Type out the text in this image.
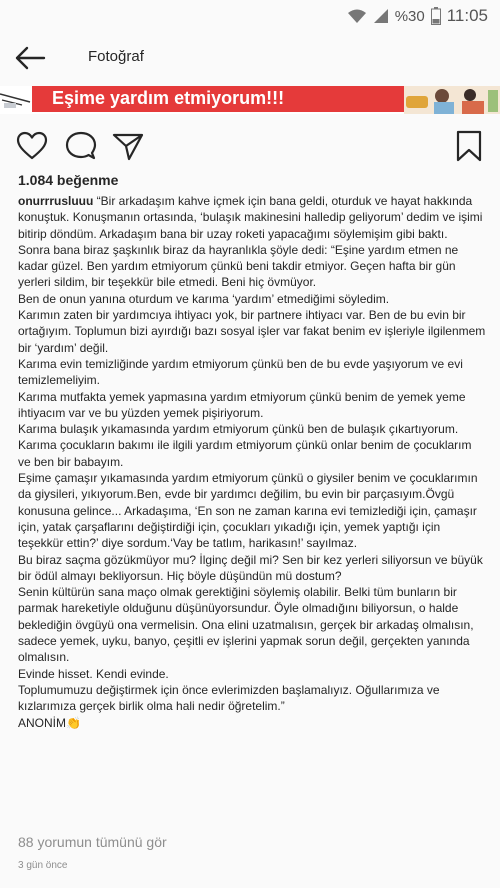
%30 11:05
Fotoğraf
Eşime yardım etmiyorum!!!
1.084 beğenme

onurrrusluuu “Bir arkadaşım kahve içmek için bana geldi, oturduk ve hayat hakkında konuştuk. Konuşmanın ortasında, ‘bulaşık makinesini halledip geliyorum’ dedim ve işimi bitirip döndüm. Arkadaşım bana bir uzay roketi yapacağımı söylemişim gibi baktı.

Sonra bana biraz şaşkınlık biraz da hayranlıkla şöyle dedi: “Eşine yardım etmen ne kadar güzel. Ben yardım etmiyorum çünkü beni takdir etmiyor. Geçen hafta bir gün yerleri sildim, bir teşekkür bile etmedi. Beni hiç övmüyor.

Ben de onun yanına oturdum ve karıma ‘yardım’ etmediğimi söyledim.

Karımın zaten bir yardımcıya ihtiyacı yok, bir partnere ihtiyacı var. Ben de bu evin bir ortağıyım. Toplumun bizi ayırdığı bazı sosyal işler var fakat benim ev işleriyle ilgilenmem bir ‘yardım’ değil.

Karıma evin temizliğinde yardım etmiyorum çünkü ben de bu evde yaşıyorum ve evi temizlemeliyim.

Karıma mutfakta yemek yapmasına yardım etmiyorum çünkü benim de yemek yeme ihtiyacım var ve bu yüzden yemek pişiriyorum.

Karıma bulaşık yıkamasında yardım etmiyorum çünkü ben de bulaşık çıkartıyorum.

Karıma çocukların bakımı ile ilgili yardım etmiyorum çünkü onlar benim de çocuklarım ve ben bir babayım.

Eşime çamaşır yıkamasında yardım etmiyorum çünkü o giysiler benim ve çocuklarımın da giysileri, yıkıyorum.Ben, evde bir yardımcı değilim, bu evin bir parçasıyım.Övgü konusuna gelince... Arkadaşıma, ‘En son ne zaman karına evi temizlediği için, çamaşır için, yatak çarşaflarını değiştirdiği için, çocukları yıkadığı için, yemek yaptığı için teşekkür ettin?’ diye sordum.‘Vay be tatlım, harikasın!’ sayılmaz.

Bu biraz saçma gözükmüyor mu? İlginç değil mi? Sen bir kez yerleri siliyorsun ve büyük bir ödül almayı bekliyorsun. Hiç böyle düşündün mü dostum?

Senin kültürün sana maço olmak gerektiğini söylemiş olabilir. Belki tüm bunların bir parmak hareketiyle olduğunu düşünüyorsundur. Öyle olmadığını biliyorsun, o halde beklediğin övgüyü ona vermelisin. Ona elini uzatmalısın, gerçek bir arkadaş olmalısın, sadece yemek, uyku, banyo, çeşitli ev işlerini yapmak sorun değil, gerçekten yanında olmalısın.

Evinde hisset. Kendi evinde.

Toplumumuzu değiştirmek için önce evlerimizden başlamalıyız. Oğullarımıza ve kızlarımıza gerçek birlik olma hali nedir öğretelim.”

ANONİM👏

88 yorumun tümünü gör
3 gün önce
